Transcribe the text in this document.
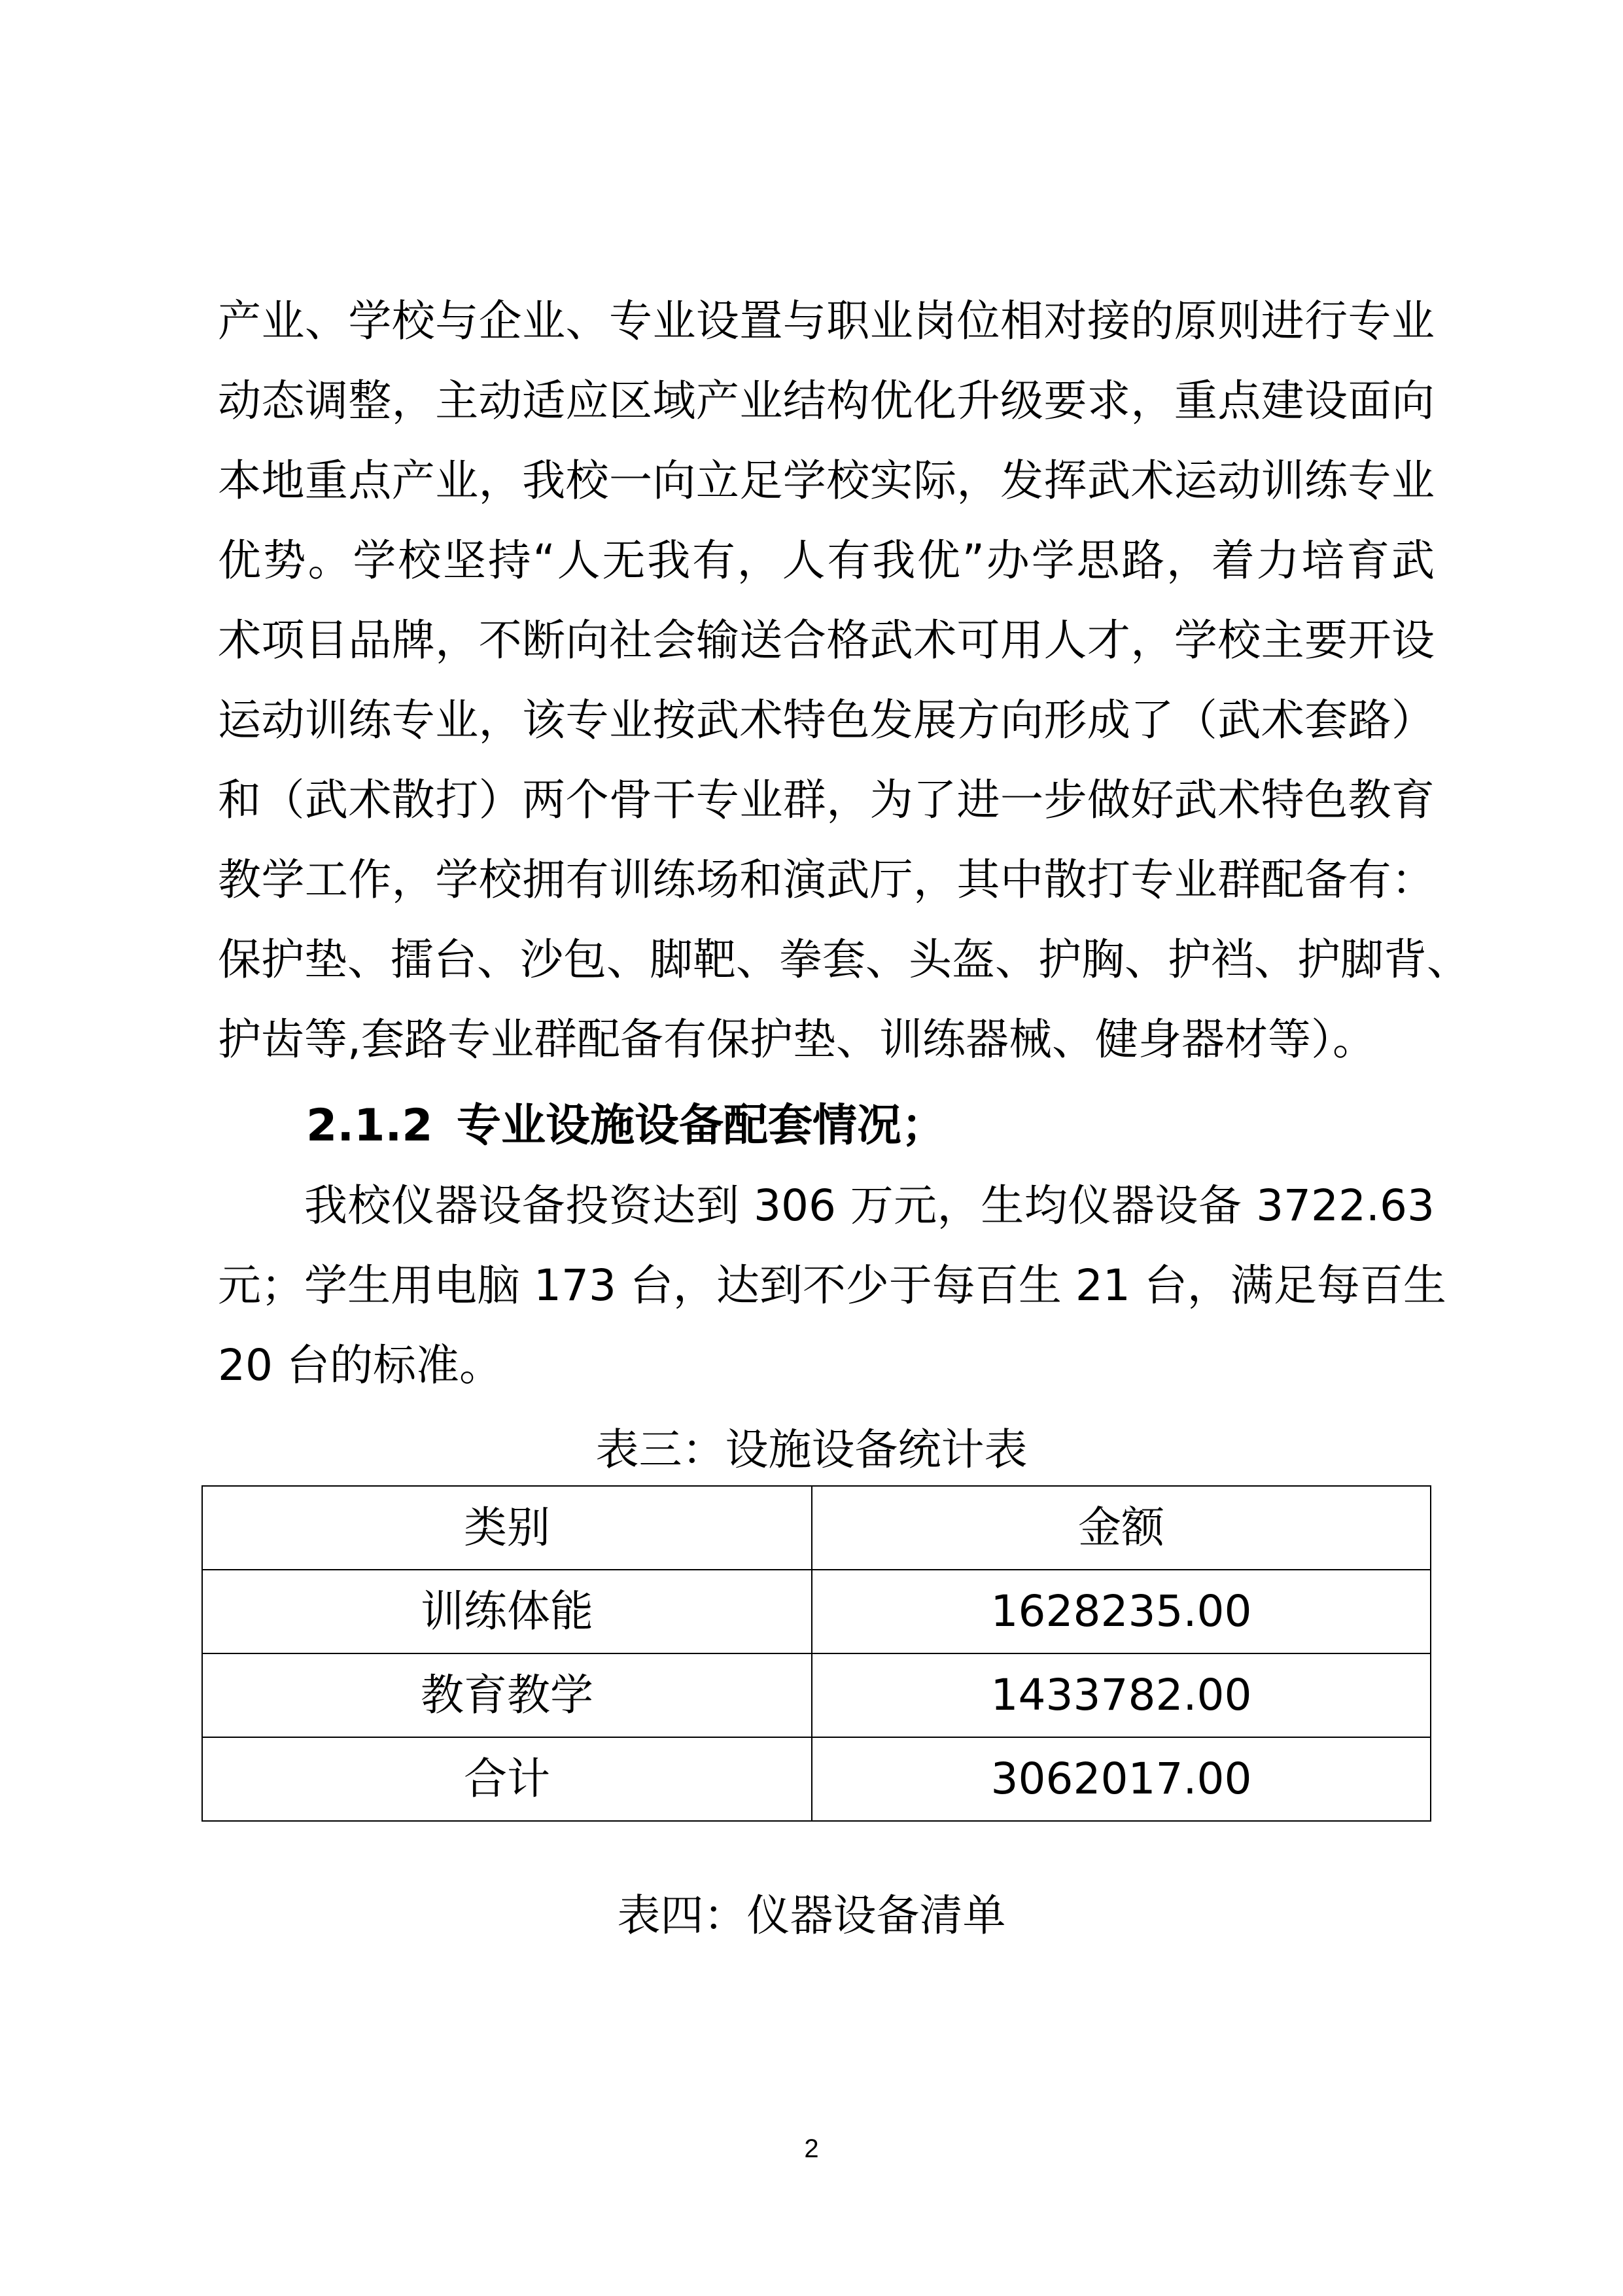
产业、学校与企业、专业设置与职业岗位相对接的原则进行专业
动态调整，主动适应区域产业结构优化升级要求，重点建设面向
本地重点产业，我校一向立足学校实际，发挥武术运动训练专业
优势。学校坚持“人无我有，人有我优”办学思路，着力培育武
术项目品牌，不断向社会输送合格武术可用人才，学校主要开设
运动训练专业，该专业按武术特色发展方向形成了（武术套路）
和（武术散打）两个骨干专业群，为了进一步做好武术特色教育
教学工作，学校拥有训练场和演武厅，其中散打专业群配备有：
保护垫、擂台、沙包、脚靶、拳套、头盔、护胸、护裆、护脚背、
护齿等,套路专业群配备有保护垫、训练器械、健身器材等）。
2.1.2 专业设施设备配套情况；
我校仪器设备投资达到 306 万元，生均仪器设备 3722.63
元；学生用电脑 173 台，达到不少于每百生 21 台，满足每百生
20 台的标准。
表三：设施设备统计表
类别	金额
训练体能	1628235.00
教育教学	1433782.00
合计	3062017.00
表四：仪器设备清单
2
